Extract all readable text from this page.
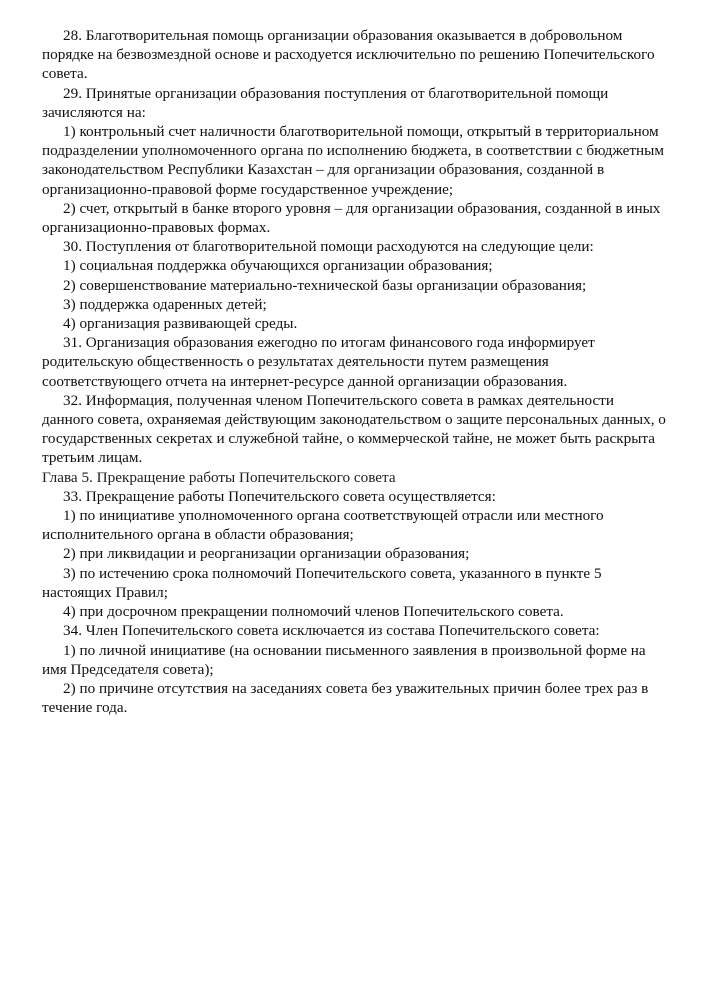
28. Благотворительная помощь организации образования оказывается в добровольном порядке на безвозмездной основе и расходуется исключительно по решению Попечительского совета.

29. Принятые организации образования поступления от благотворительной помощи зачисляются на:

1) контрольный счет наличности благотворительной помощи, открытый в территориальном подразделении уполномоченного органа по исполнению бюджета, в соответствии с бюджетным законодательством Республики Казахстан – для организации образования, созданной в организационно-правовой форме государственное учреждение;

2) счет, открытый в банке второго уровня – для организации образования, созданной в иных организационно-правовых формах.

30. Поступления от благотворительной помощи расходуются на следующие цели:

1) социальная поддержка обучающихся организации образования;

2) совершенствование материально-технической базы организации образования;

3) поддержка одаренных детей;

4) организация развивающей среды.

31. Организация образования ежегодно по итогам финансового года информирует родительскую общественность о результатах деятельности путем размещения соответствующего отчета на интернет-ресурсе данной организации образования.

32. Информация, полученная членом Попечительского совета в рамках деятельности данного совета, охраняемая действующим законодательством о защите персональных данных, о государственных секретах и служебной тайне, о коммерческой тайне, не может быть раскрыта третьим лицам.

Глава 5. Прекращение работы Попечительского совета

33. Прекращение работы Попечительского совета осуществляется:

1) по инициативе уполномоченного органа соответствующей отрасли или местного исполнительного органа в области образования;

2) при ликвидации и реорганизации организации образования;

3) по истечению срока полномочий Попечительского совета, указанного в пункте 5 настоящих Правил;

4) при досрочном прекращении полномочий членов Попечительского совета.

34. Член Попечительского совета исключается из состава Попечительского совета:

1) по личной инициативе (на основании письменного заявления в произвольной форме на имя Председателя совета);

2) по причине отсутствия на заседаниях совета без уважительных причин более трех раз в течение года.
